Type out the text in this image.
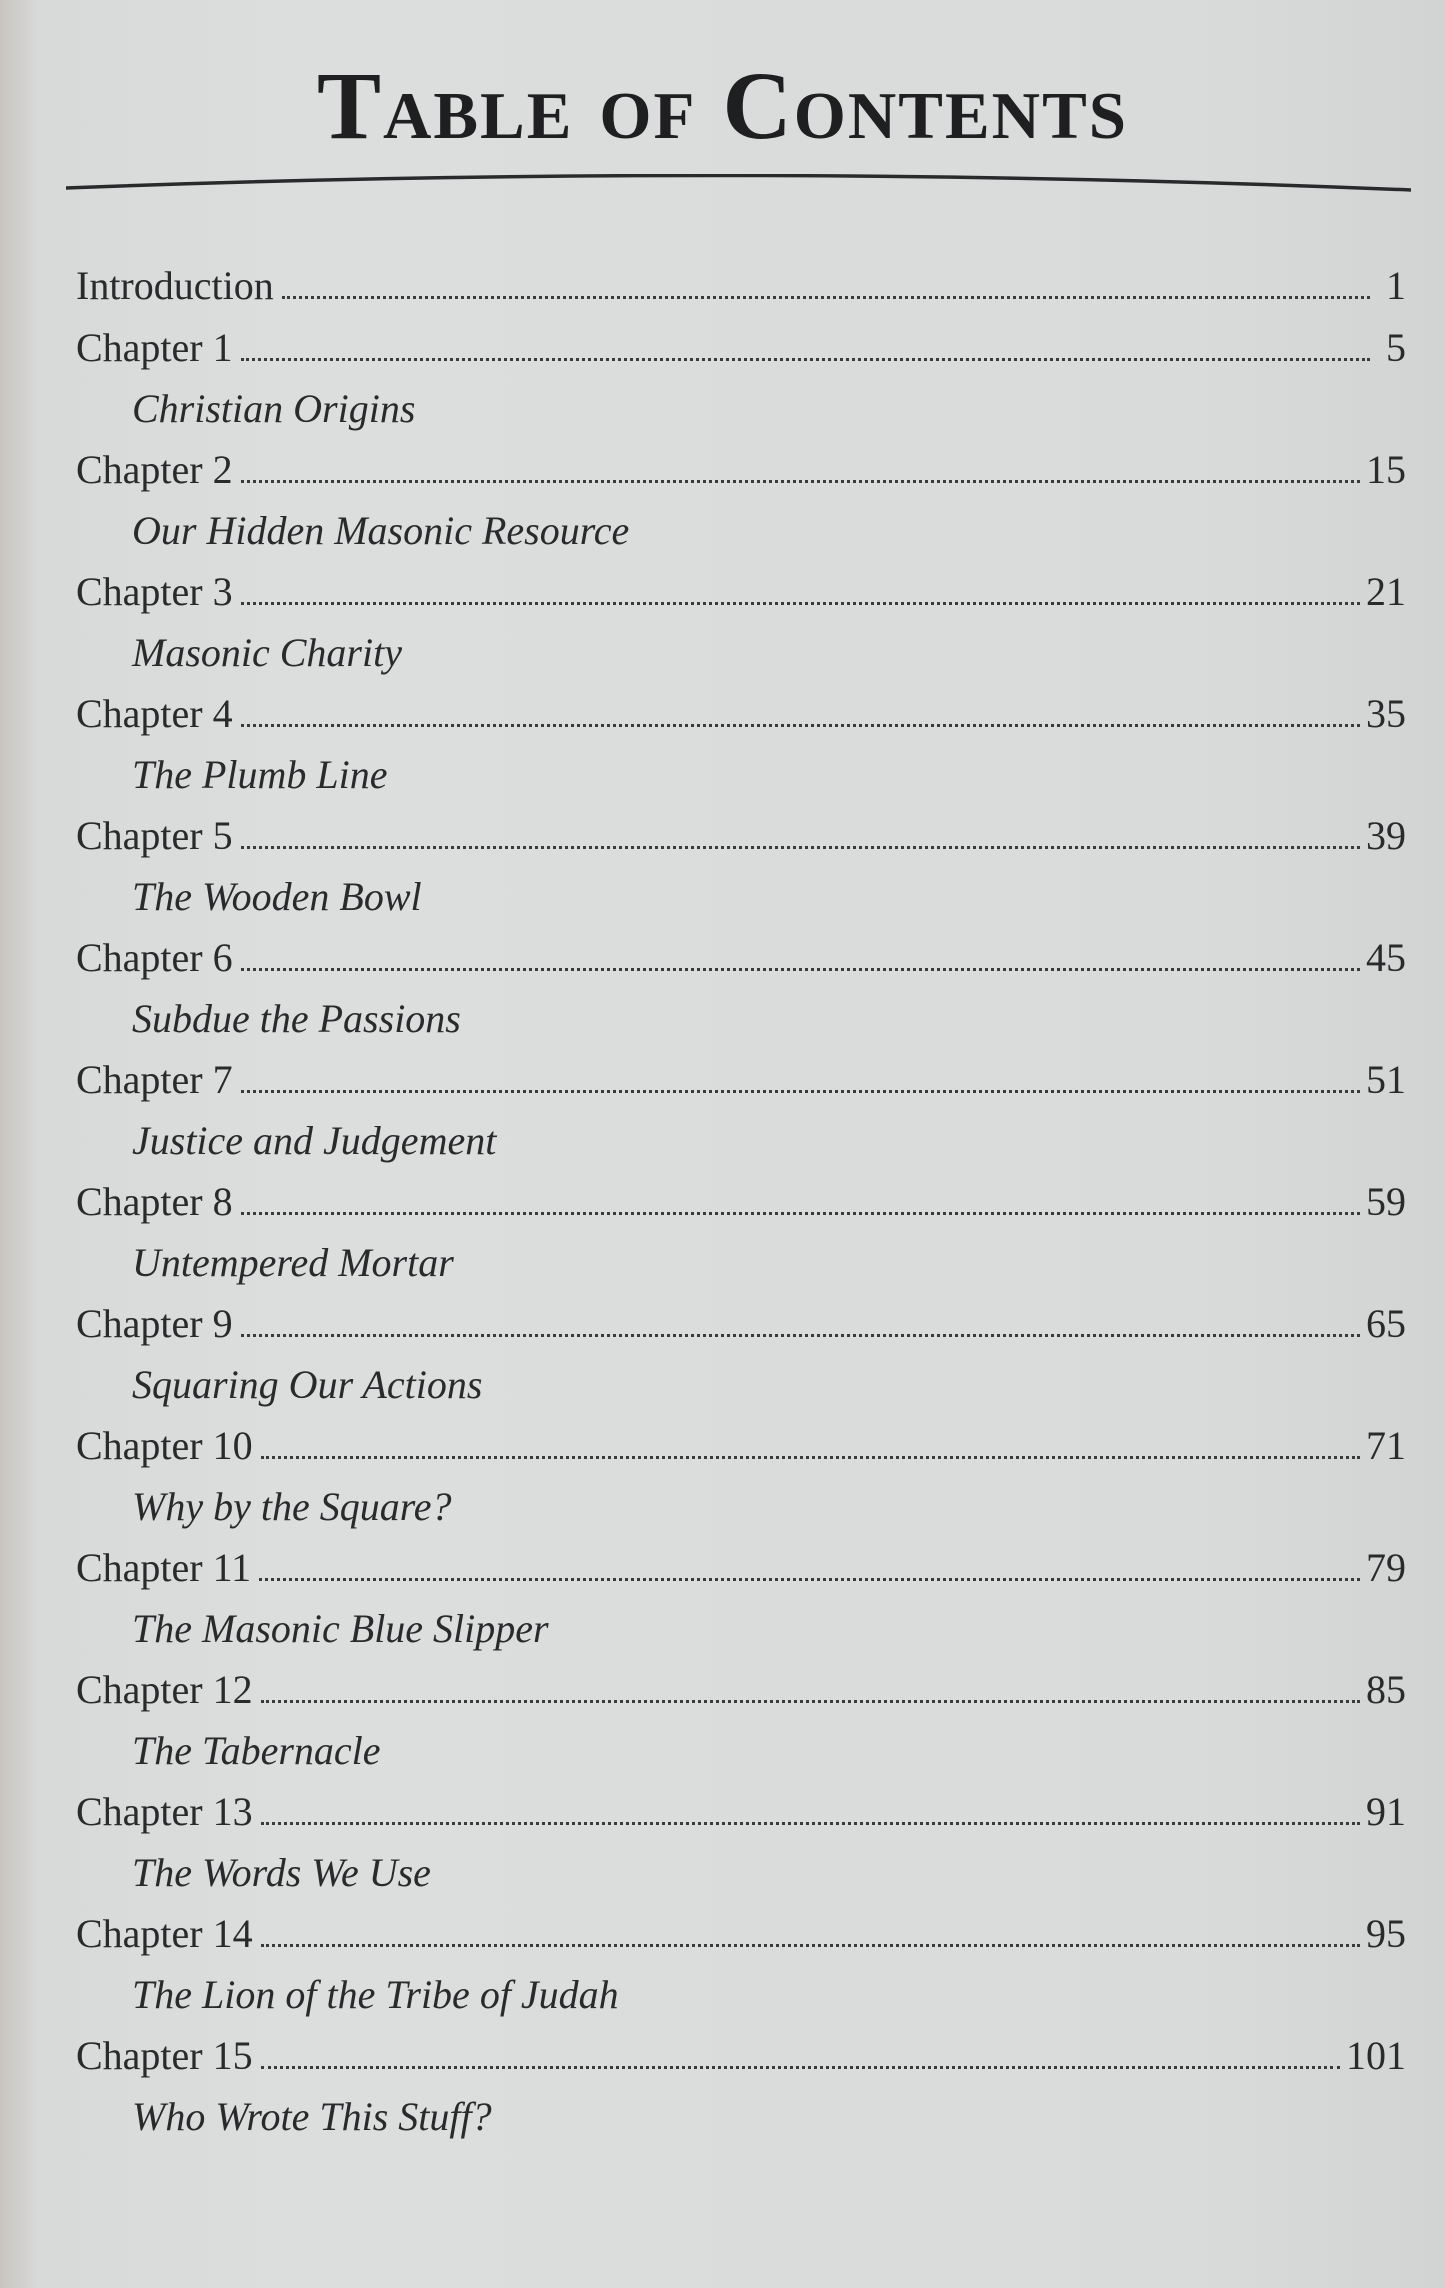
Table of Contents
Introduction	1
Chapter 1	5
Christian Origins
Chapter 2	15
Our Hidden Masonic Resource
Chapter 3	21
Masonic Charity
Chapter 4	35
The Plumb Line
Chapter 5	39
The Wooden Bowl
Chapter 6	45
Subdue the Passions
Chapter 7	51
Justice and Judgement
Chapter 8	59
Untempered Mortar
Chapter 9	65
Squaring Our Actions
Chapter 10	71
Why by the Square?
Chapter 11	79
The Masonic Blue Slipper
Chapter 12	85
The Tabernacle
Chapter 13	91
The Words We Use
Chapter 14	95
The Lion of the Tribe of Judah
Chapter 15	101
Who Wrote This Stuff?
